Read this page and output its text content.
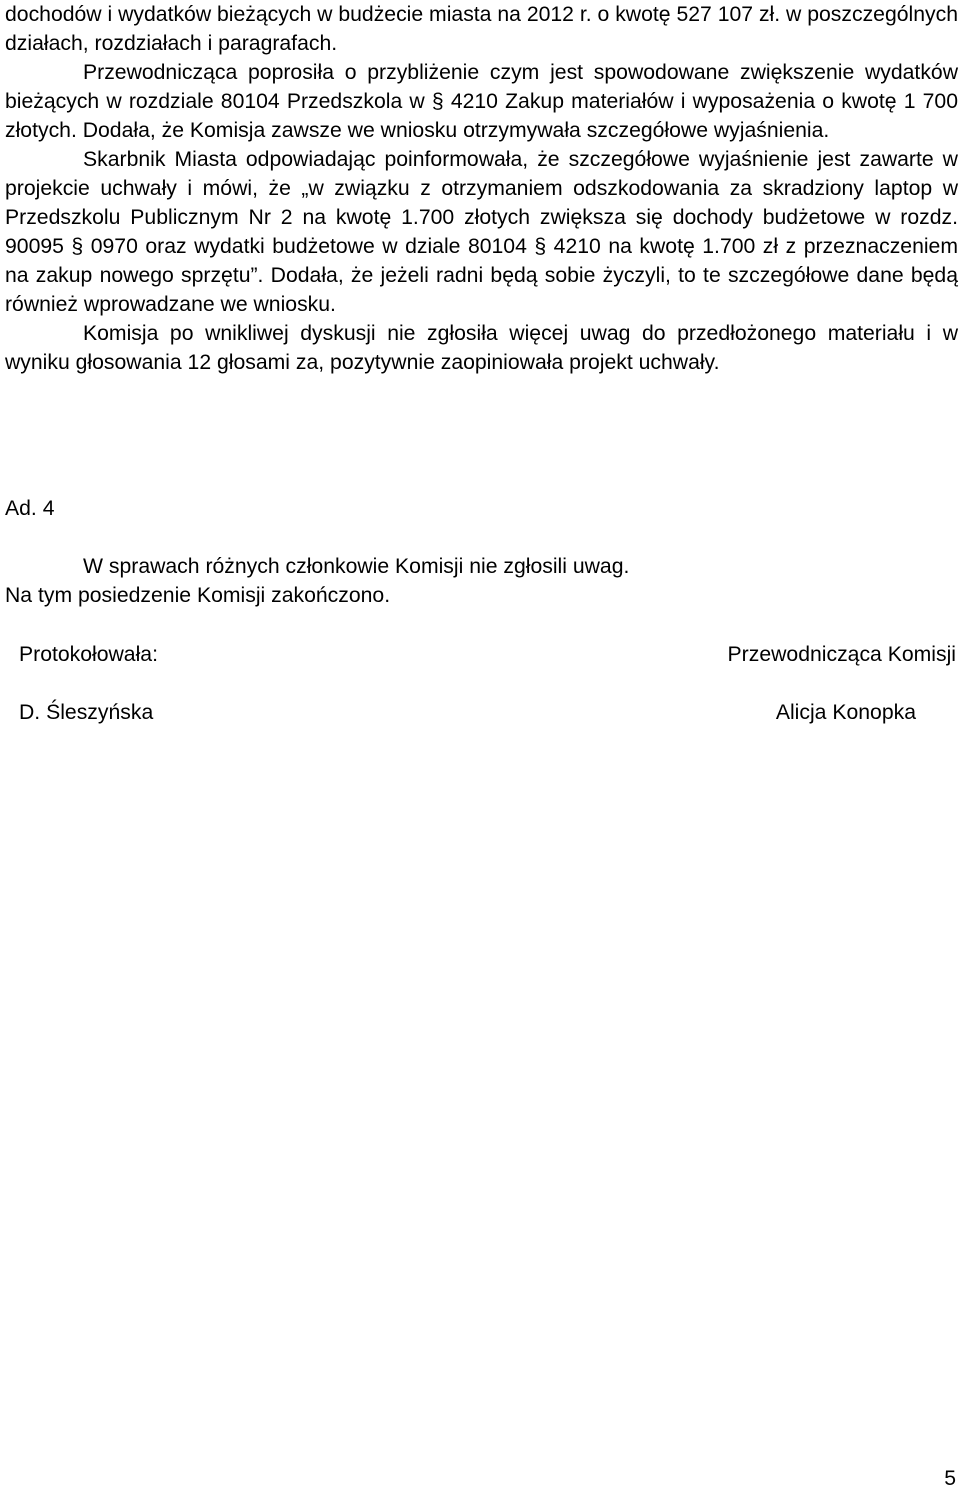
dochodów i wydatków bieżących w budżecie miasta na 2012 r. o kwotę 527 107 zł. w poszczególnych działach, rozdziałach i paragrafach.

Przewodnicząca poprosiła o przybliżenie czym jest spowodowane zwiększenie wydatków bieżących w rozdziale 80104 Przedszkola w § 4210 Zakup materiałów i wyposażenia o kwotę 1 700 złotych. Dodała, że Komisja zawsze we wniosku otrzymywała szczegółowe wyjaśnienia.

Skarbnik Miasta odpowiadając poinformowała, że szczegółowe wyjaśnienie jest zawarte w projekcie uchwały i mówi, że „w związku z otrzymaniem odszkodowania za skradziony laptop w Przedszkolu Publicznym Nr 2 na kwotę 1.700 złotych zwiększa się dochody budżetowe w rozdz. 90095 § 0970 oraz wydatki budżetowe w dziale 80104 § 4210 na kwotę 1.700 zł z przeznaczeniem na zakup nowego sprzętu”. Dodała, że jeżeli radni będą sobie życzyli, to te szczegółowe dane będą również wprowadzane we wniosku.

Komisja po wnikliwej dyskusji nie zgłosiła więcej uwag do przedłożonego materiału i w wyniku głosowania 12 głosami za, pozytywnie zaopiniowała projekt uchwały.

Ad. 4
W sprawach różnych członkowie Komisji nie zgłosili uwag.
Na tym posiedzenie Komisji zakończono.
Protokołowała:	Przewodnicząca Komisji
D. Śleszyńska	Alicja Konopka
5
